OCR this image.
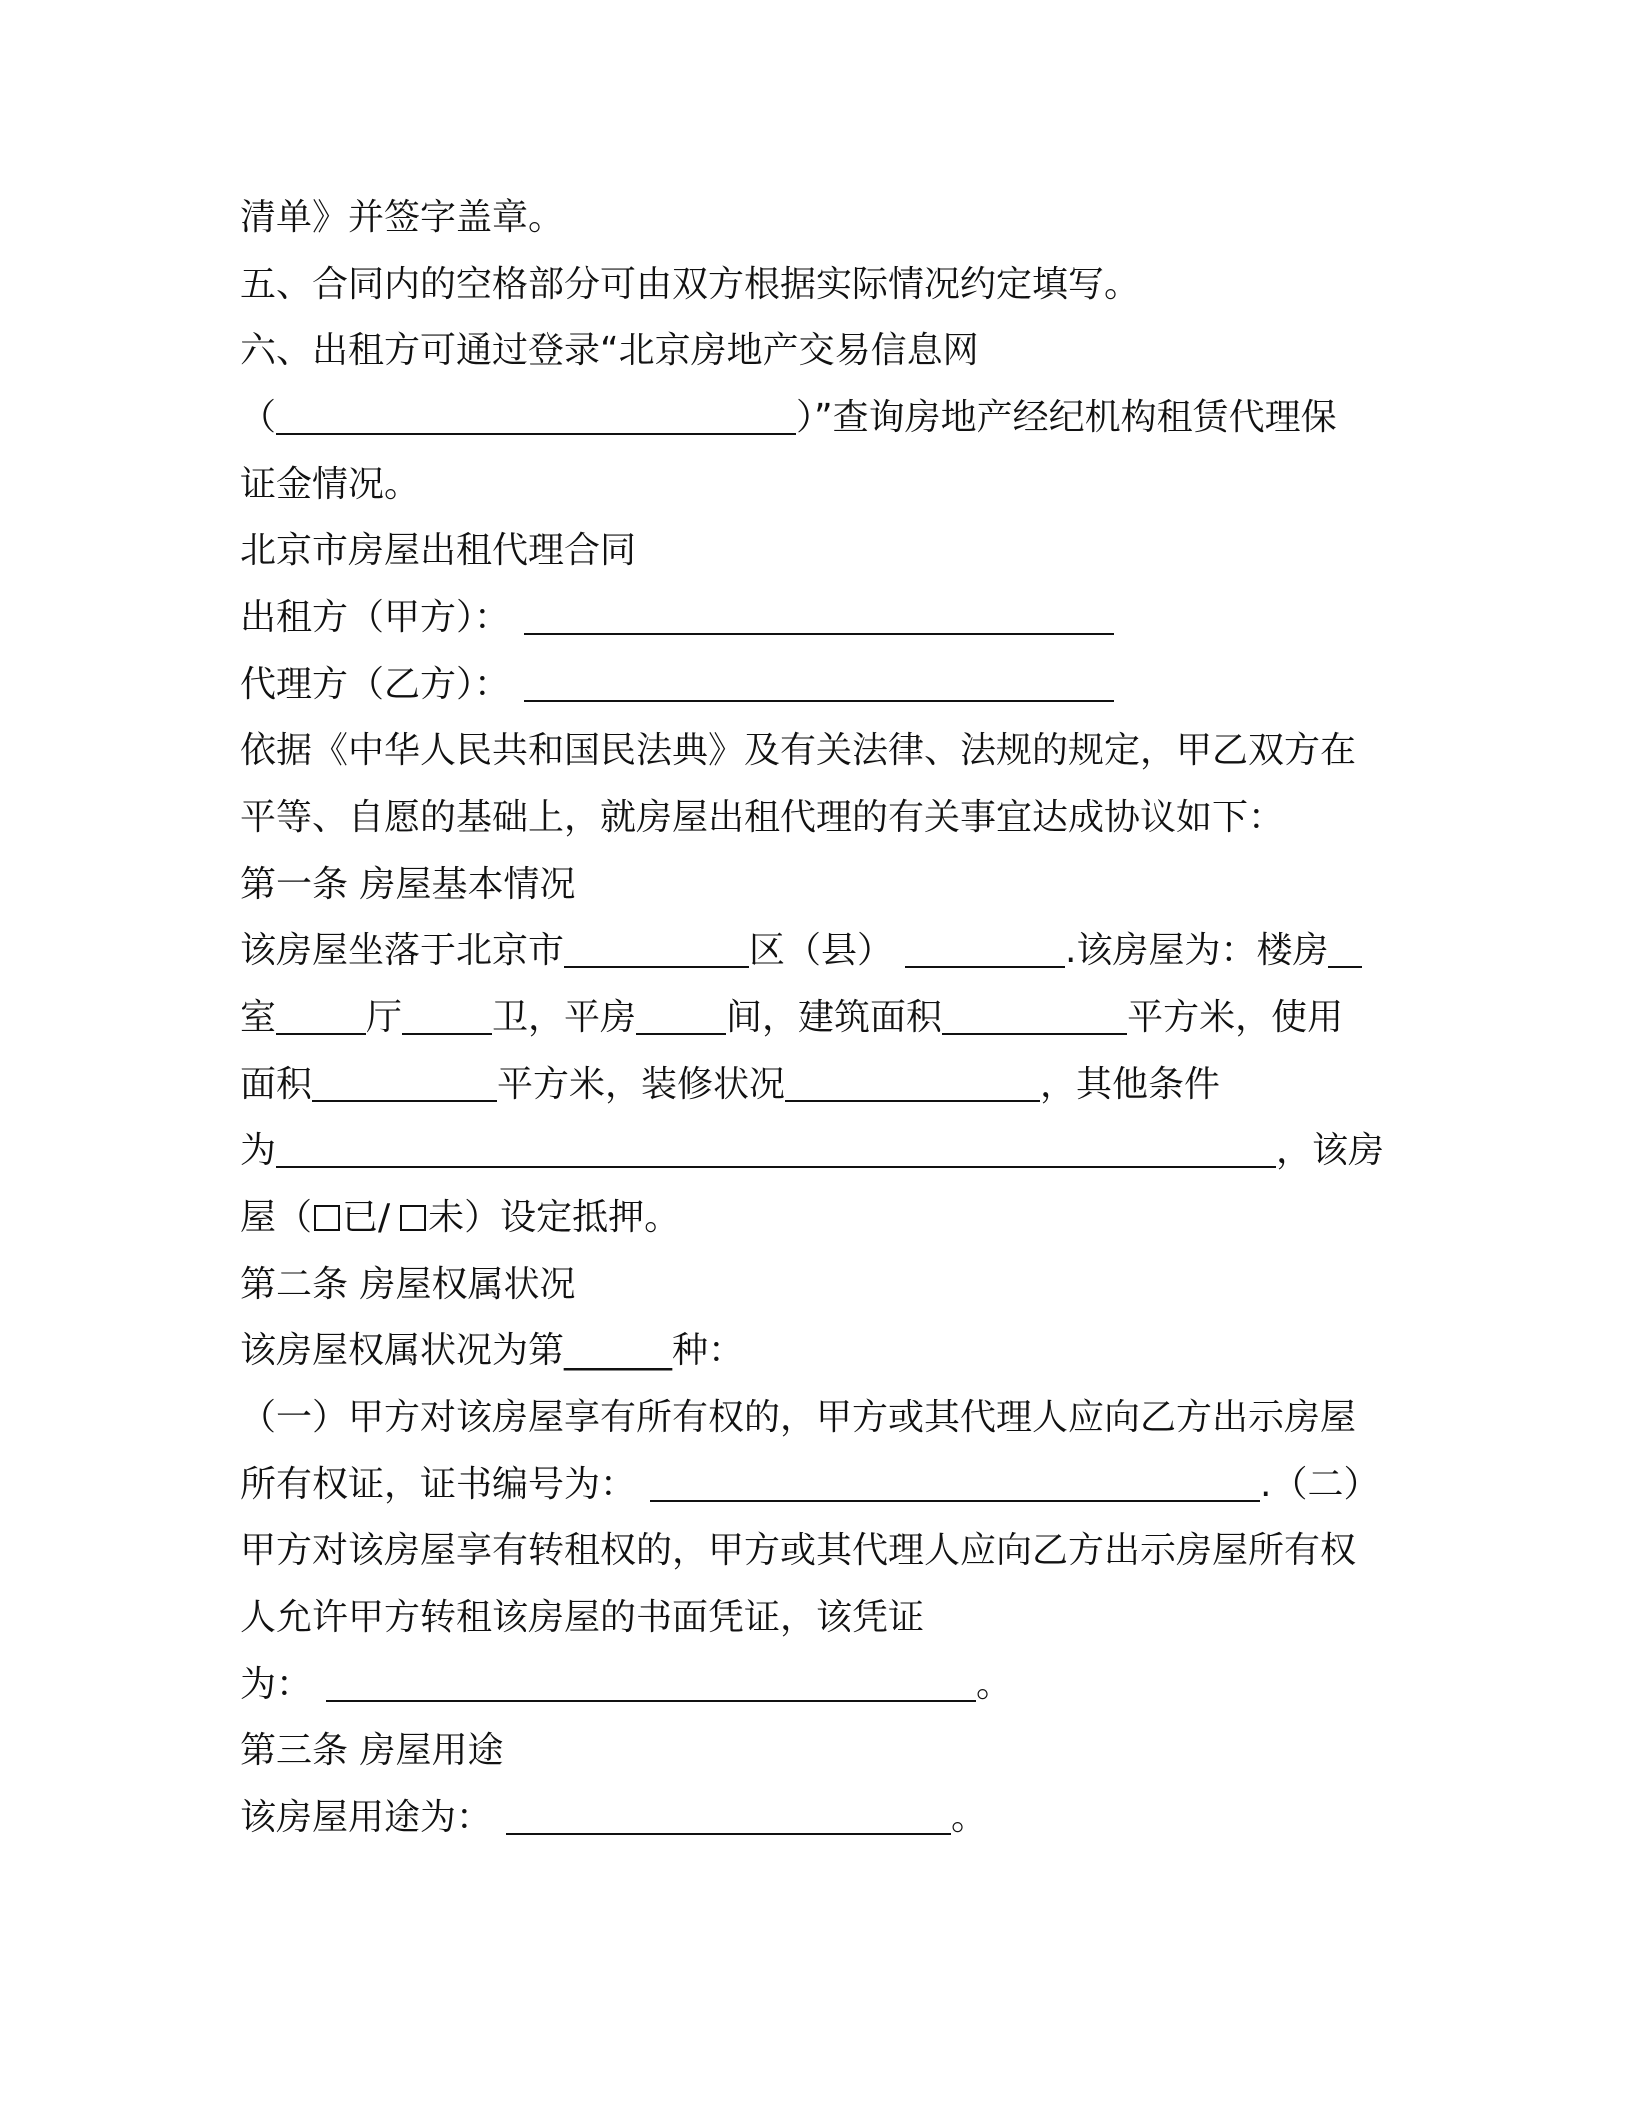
清单》并签字盖章。
五、合同内的空格部分可由双方根据实际情况约定填写。
六、出租方可通过登录“北京房地产交易信息网
（	）”查询房地产经纪机构租赁代理保
证金情况。
北京市房屋出租代理合同
出租方（甲方）：
代理方（乙方）：
依据《中华人民共和国民法典》及有关法律、法规的规定，甲乙双方在
平等、自愿的基础上，就房屋出租代理的有关事宜达成协议如下：
第一条 房屋基本情况
该房屋坐落于北京市	区（县）	.该房屋为：楼房
室	厅	卫，平房	间，建筑面积	平方米，使用
面积	平方米，装修状况	，其他条件
为	，该房
屋（ 已/ 未）设定抵押。
第二条 房屋权属状况
该房屋权属状况为第______种：
（一）甲方对该房屋享有所有权的，甲方或其代理人应向乙方出示房屋
所有权证，证书编号为：	.（二）
甲方对该房屋享有转租权的，甲方或其代理人应向乙方出示房屋所有权
人允许甲方转租该房屋的书面凭证，该凭证
为：	。
第三条 房屋用途
该房屋用途为：	。
